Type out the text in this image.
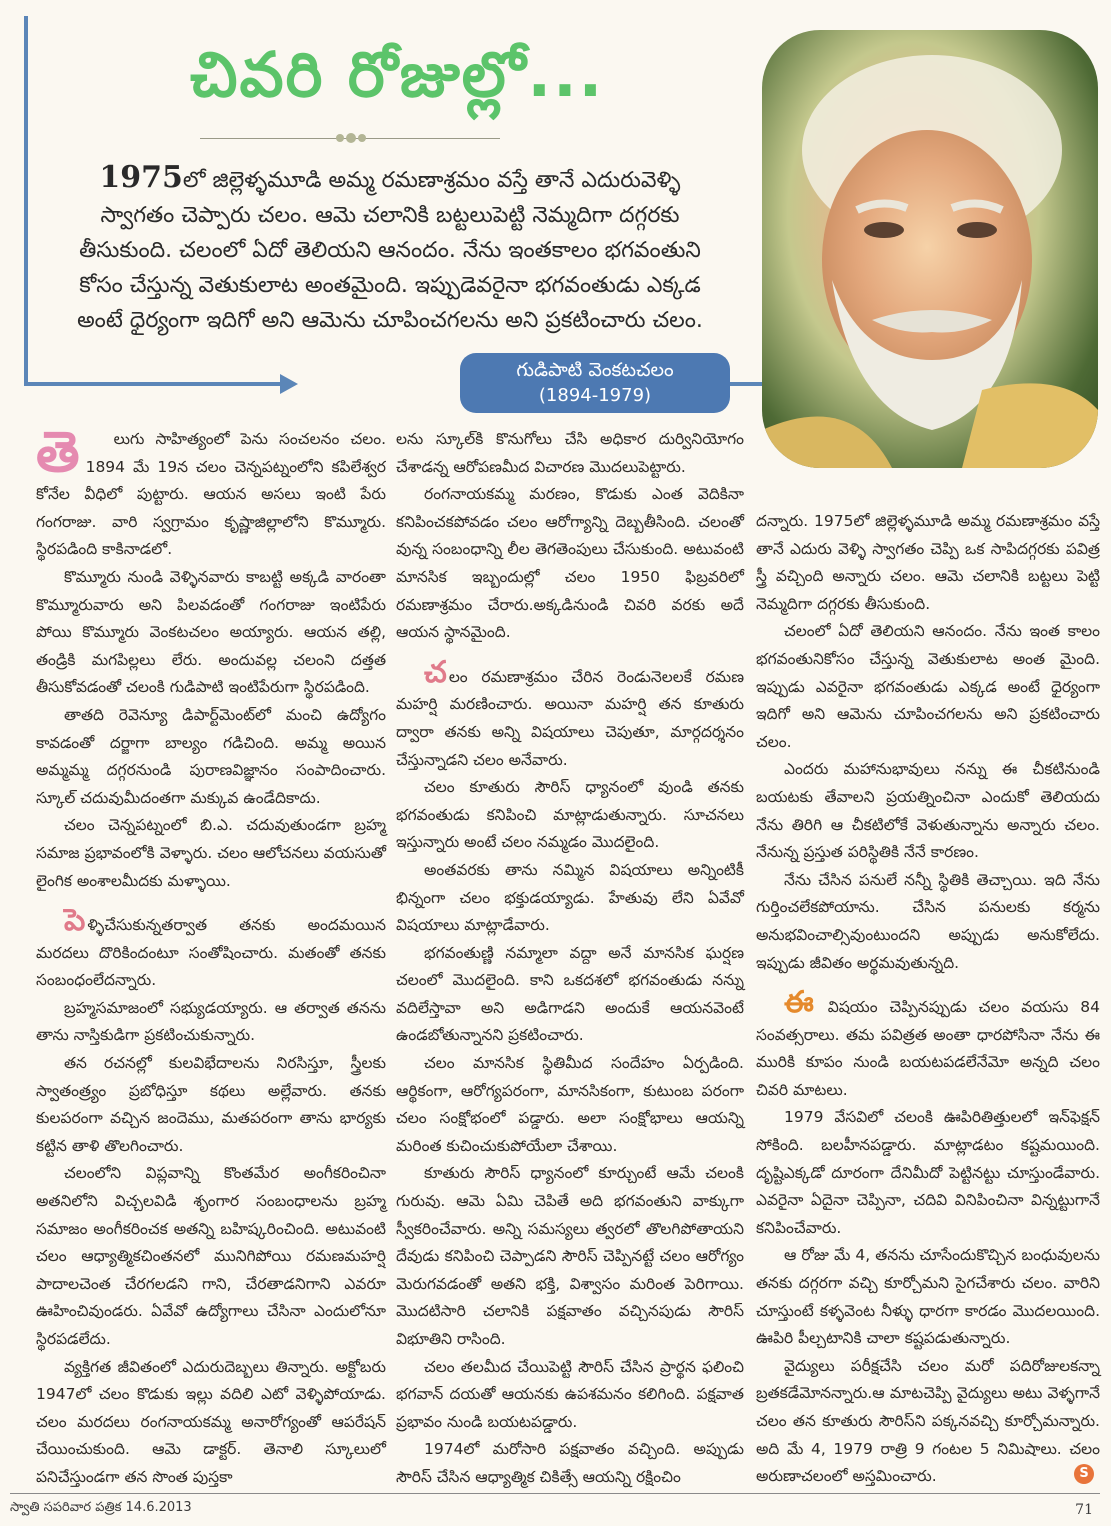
చివరి రోజుల్లో...
1975లో జిల్లెళ్ళమూడి అమ్మ రమణాశ్రమం వస్తే తానే ఎదురువెళ్ళి స్వాగతం చెప్పారు చలం. ఆమె చలానికి బట్టలుపెట్టి నెమ్మదిగా దగ్గరకు తీసుకుంది. చలంలో ఏదో తెలియని ఆనందం. నేను ఇంతకాలం భగవంతుని కోసం చేస్తున్న వెతుకులాట అంతమైంది. ఇప్పుడెవరైనా భగవంతుడు ఎక్కడ అంటే ధైర్యంగా ఇదిగో అని ఆమెను చూపించగలను అని ప్రకటించారు చలం.
గుడిపాటి వెంకటచలం
(1894-1979)

తె లుగు సాహిత్యంలో పెను సంచలనం చలం. 1894 మే 19న చలం చెన్నపట్నంలోని కపిలేశ్వర కోనేల వీధిలో పుట్టారు. ఆయన అసలు ఇంటి పేరు గంగరాజు. వారి స్వగ్రామం కృష్ణాజిల్లాలోని కొమ్మూరు. స్థిరపడింది కాకినాడలో.

కొమ్మూరు నుండి వెళ్ళినవారు కాబట్టి అక్కడి వారంతా కొమ్మూరువారు అని పిలవడంతో గంగరాజు ఇంటిపేరు పోయి కొమ్మూరు వెంకటచలం అయ్యారు. ఆయన తల్లి, తండ్రికి మగపిల్లలు లేరు. అందువల్ల చలంని దత్తత తీసుకోవడంతో చలంకి గుడిపాటి ఇంటిపేరుగా స్థిరపడింది.

తాతది రెవెన్యూ డిపార్ట్‌మెంట్‌లో మంచి ఉద్యోగం కావడంతో దర్జాగా బాల్యం గడిచింది. అమ్మ అయిన అమ్మమ్మ దగ్గరనుండి పురాణవిజ్ఞానం సంపాదించారు. స్కూల్ చదువుమీదంతగా మక్కువ ఉండేదికాదు.

చలం చెన్నపట్నంలో బి.ఎ. చదువుతుండగా బ్రహ్మ సమాజ ప్రభావంలోకి వెళ్ళారు. చలం ఆలోచనలు వయసుతో లైంగిక అంశాలమీదకు మళ్ళాయి.

పెళ్ళిచేసుకున్నతర్వాత తనకు అందమయిన మరదలు దొరికిందంటూ సంతోషించారు. మతంతో తనకు సంబంధంలేదన్నారు.

బ్రహ్మసమాజంలో సభ్యుడయ్యారు. ఆ తర్వాత తనను తాను నాస్తికుడిగా ప్రకటించుకున్నారు.

తన రచనల్లో కులవిభేదాలను నిరసిస్తూ, స్త్రీలకు స్వాతంత్ర్యం ప్రబోధిస్తూ కథలు అల్లేవారు. తనకు కులపరంగా వచ్చిన జందెము, మతపరంగా తాను భార్యకు కట్టిన తాళి తొలగించారు.

చలంలోని విప్లవాన్ని కొంతమేర అంగీకరించినా అతనిలోని విచ్చలవిడి శృంగార సంబంధాలను బ్రహ్మ సమాజం అంగీకరించక అతన్ని బహిష్కరించింది. అటువంటి చలం ఆధ్యాత్మికచింతనలో మునిగిపోయి రమణమహర్షి పాదాలచెంత చేరగలడని గాని, చేరతాడనిగాని ఎవరూ ఊహించివుండరు. ఏవేవో ఉద్యోగాలు చేసినా ఎందులోనూ స్థిరపడలేదు.

వ్యక్తిగత జీవితంలో ఎదురుదెబ్బలు తిన్నారు. అక్టోబరు 1947లో చలం కొడుకు ఇల్లు వదిలి ఎటో వెళ్ళిపోయాడు. చలం మరదలు రంగనాయకమ్మ అనారోగ్యంతో ఆపరేషన్ చేయించుకుంది. ఆమె డాక్టర్. తెనాలి స్కూలులో పనిచేస్తుండగా తన సొంత పుస్తకా

లను స్కూల్‌కి కొనుగోలు చేసి అధికార దుర్వినియోగం చేశాడన్న ఆరోపణమీద విచారణ మొదలుపెట్టారు.

రంగనాయకమ్మ మరణం, కొడుకు ఎంత వెదికినా కనిపించకపోవడం చలం ఆరోగ్యాన్ని దెబ్బతీసింది. చలంతో వున్న సంబంధాన్ని లీల తెగతెంపులు చేసుకుంది. అటువంటి మానసిక ఇబ్బందుల్లో చలం 1950 ఫిబ్రవరిలో రమణాశ్రమం చేరారు.అక్కడినుండి చివరి వరకు అదే ఆయన స్థానమైంది.

చలం రమణాశ్రమం చేరిన రెండునెలలకే రమణ మహర్షి మరణించారు. అయినా మహర్షి తన కూతురు ద్వారా తనకు అన్ని విషయాలు చెపుతూ, మార్గదర్శనం చేస్తున్నాడని చలం అనేవారు.

చలం కూతురు సౌరిస్ ధ్యానంలో వుండి తనకు భగవంతుడు కనిపించి మాట్లాడుతున్నారు. సూచనలు ఇస్తున్నారు అంటే చలం నమ్మడం మొదలైంది.

అంతవరకు తాను నమ్మిన విషయాలు అన్నింటికీ భిన్నంగా చలం భక్తుడయ్యాడు. హేతువు లేని ఏవేవో విషయాలు మాట్లాడేవారు.

భగవంతుణ్ణి నమ్మాలా వద్దా అనే మానసిక ఘర్షణ చలంలో మొదలైంది. కాని ఒకదశలో భగవంతుడు నన్ను వదిలేస్తావా అని అడిగాడని అందుకే ఆయనవెంటే ఉండబోతున్నానని ప్రకటించారు.

చలం మానసిక స్థితిమీద సందేహం ఏర్పడింది. ఆర్థికంగా, ఆరోగ్యపరంగా, మానసికంగా, కుటుంబ పరంగా చలం సంక్షోభంలో పడ్డారు. అలా సంక్షోభాలు ఆయన్ని మరింత కుచించుకుపోయేలా చేశాయి.

కూతురు సౌరిస్ ధ్యానంలో కూర్చుంటే ఆమే చలంకి గురువు. ఆమె ఏమి చెపితే అది భగవంతుని వాక్కుగా స్వీకరించేవారు. అన్ని సమస్యలు త్వరలో తొలగిపోతాయని దేవుడు కనిపించి చెప్పాడని సౌరిస్ చెప్పినట్టే చలం ఆరోగ్యం మెరుగవడంతో అతని భక్తి, విశ్వాసం మరింత పెరిగాయి. మొదటిసారి చలానికి పక్షవాతం వచ్చినపుడు సౌరిస్ విభూతిని రాసింది.

చలం తలమీద చేయిపెట్టి సౌరిస్ చేసిన ప్రార్థన ఫలించి భగవాన్ దయతో ఆయనకు ఉపశమనం కలిగింది. పక్షవాత ప్రభావం నుండి బయటపడ్డారు.

1974లో మరోసారి పక్షవాతం వచ్చింది. అప్పుడు సౌరిస్ చేసిన ఆధ్యాత్మిక చికిత్సే ఆయన్ని రక్షించిం

దన్నారు. 1975లో జిల్లెళ్ళమూడి అమ్మ రమణాశ్రమం వస్తే తానే ఎదురు వెళ్ళి స్వాగతం చెప్పి ఒక సాపిదగ్గరకు పవిత్ర స్త్రీ వచ్చింది అన్నారు చలం. ఆమె చలానికి బట్టలు పెట్టి నెమ్మదిగా దగ్గరకు తీసుకుంది.

చలంలో ఏదో తెలియని ఆనందం. నేను ఇంత కాలం భగవంతునికోసం చేస్తున్న వెతుకులాట అంత మైంది. ఇప్పుడు ఎవరైనా భగవంతుడు ఎక్కడ అంటే ధైర్యంగా ఇదిగో అని ఆమెను చూపించగలను అని ప్రకటించారు చలం.

ఎందరు మహానుభావులు నన్ను ఈ చీకటినుండి బయటకు తేవాలని ప్రయత్నించినా ఎందుకో తెలియదు నేను తిరిగి ఆ చీకటిలోకే వెళుతున్నాను అన్నారు చలం. నేనున్న ప్రస్తుత పరిస్థితికి నేనే కారణం.

నేను చేసిన పనులే నన్నీ స్థితికి తెచ్చాయి. ఇది నేను గుర్తించలేకపోయాను. చేసిన పనులకు కర్మను అనుభవించాల్సివుంటుందని అప్పుడు అనుకోలేదు. ఇప్పుడు జీవితం అర్థమవుతున్నది.

ఈ విషయం చెప్పినప్పుడు చలం వయసు 84 సంవత్సరాలు. తమ పవిత్రత అంతా ధారపోసినా నేను ఈ మురికి కూపం నుండి బయటపడలేనేమో అన్నది చలం చివరి మాటలు.

1979 వేసవిలో చలంకి ఊపిరితిత్తులలో ఇన్‌ఫెక్షన్ సోకింది. బలహీనపడ్డారు. మాట్లాడటం కష్టమయింది. దృష్టిఎక్కడో దూరంగా దేనిమీదో పెట్టినట్టు చూస్తుండేవారు. ఎవరైనా ఏదైనా చెప్పినా, చదివి వినిపించినా విన్నట్టుగానే కనిపించేవారు.

ఆ రోజు మే 4, తనను చూసేందుకొచ్చిన బంధువులను తనకు దగ్గరగా వచ్చి కూర్చోమని సైగచేశారు చలం. వారిని చూస్తుంటే కళ్ళవెంట నీళ్ళు ధారగా కారడం మొదలయింది. ఊపిరి పీల్చటానికి చాలా కష్టపడుతున్నారు.

వైద్యులు పరీక్షచేసి చలం మరో పదిరోజులకన్నా బ్రతకడేమోనన్నారు.ఆ మాటచెప్పి వైద్యులు అటు వెళ్ళగానే చలం తన కూతురు సౌరిస్‌ని పక్కనవచ్చి కూర్చోమన్నారు. అది మే 4, 1979 రాత్రి 9 గంటల 5 నిమిషాలు. చలం అరుణాచలంలో అస్తమించారు.	S
స్వాతి సపరివార పత్రిక 14.6.2013	71
